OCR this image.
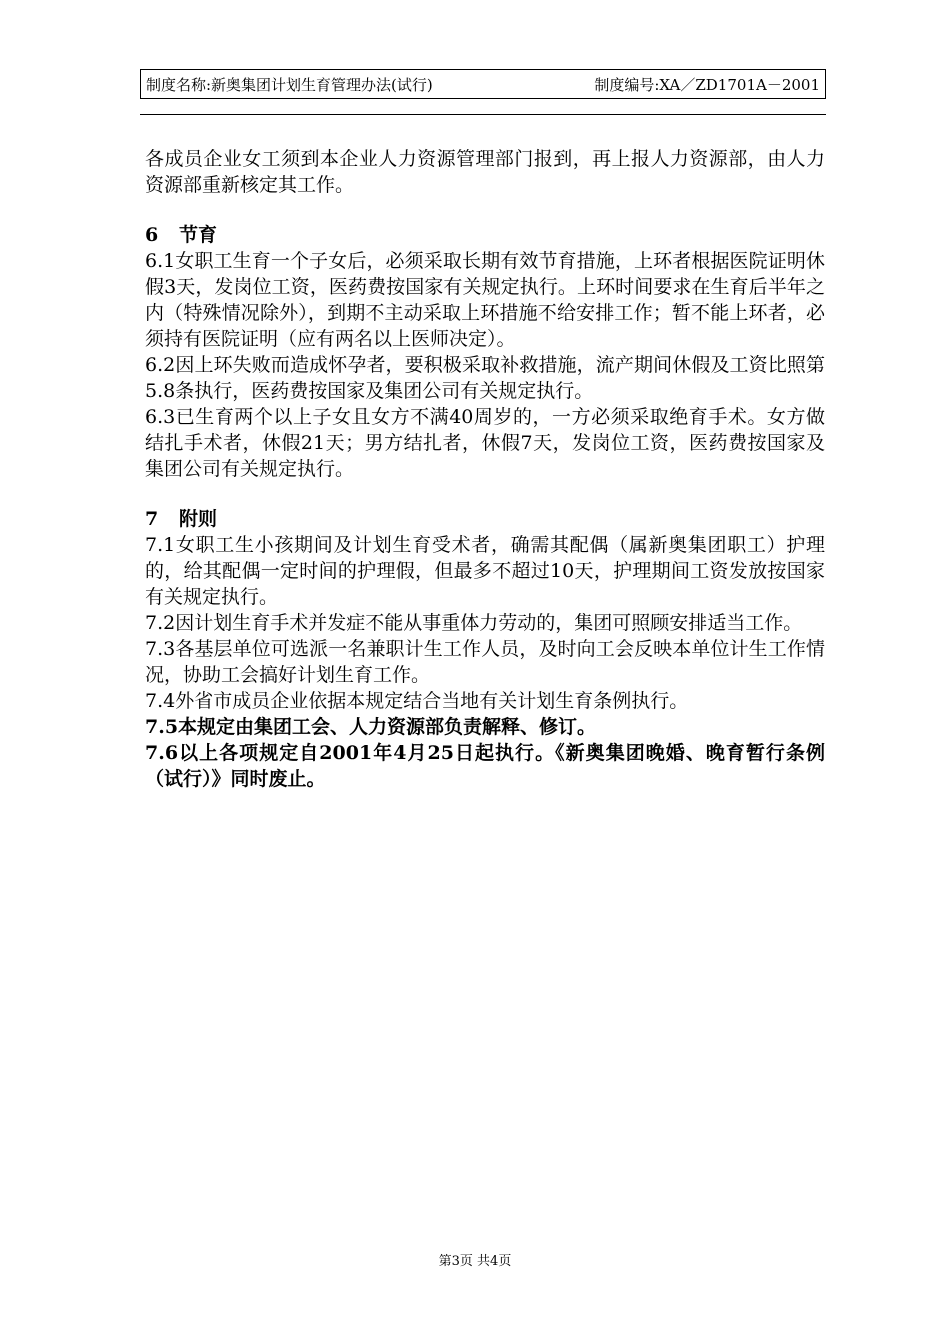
制度名称:新奥集团计划生育管理办法(试行)	制度编号:XA／ZD1701A－2001

各成员企业女工须到本企业人力资源管理部门报到，再上报人力资源部，由人力资源部重新核定其工作。

6 节育

6.1女职工生育一个子女后，必须采取长期有效节育措施，上环者根据医院证明休假3天，发岗位工资，医药费按国家有关规定执行。上环时间要求在生育后半年之内（特殊情况除外），到期不主动采取上环措施不给安排工作；暂不能上环者，必须持有医院证明（应有两名以上医师决定）。

6.2因上环失败而造成怀孕者，要积极采取补救措施，流产期间休假及工资比照第5.8条执行，医药费按国家及集团公司有关规定执行。

6.3已生育两个以上子女且女方不满40周岁的，一方必须采取绝育手术。女方做结扎手术者，休假21天；男方结扎者，休假7天，发岗位工资，医药费按国家及集团公司有关规定执行。

7 附则

7.1女职工生小孩期间及计划生育受术者，确需其配偶（属新奥集团职工）护理的，给其配偶一定时间的护理假，但最多不超过10天，护理期间工资发放按国家有关规定执行。

7.2因计划生育手术并发症不能从事重体力劳动的，集团可照顾安排适当工作。

7.3各基层单位可选派一名兼职计生工作人员，及时向工会反映本单位计生工作情况，协助工会搞好计划生育工作。

7.4外省市成员企业依据本规定结合当地有关计划生育条例执行。

7.5本规定由集团工会、人力资源部负责解释、修订。

7.6以上各项规定自2001年4月25日起执行。《新奥集团晚婚、晚育暂行条例（试行）》同时废止。

第3页 共4页
